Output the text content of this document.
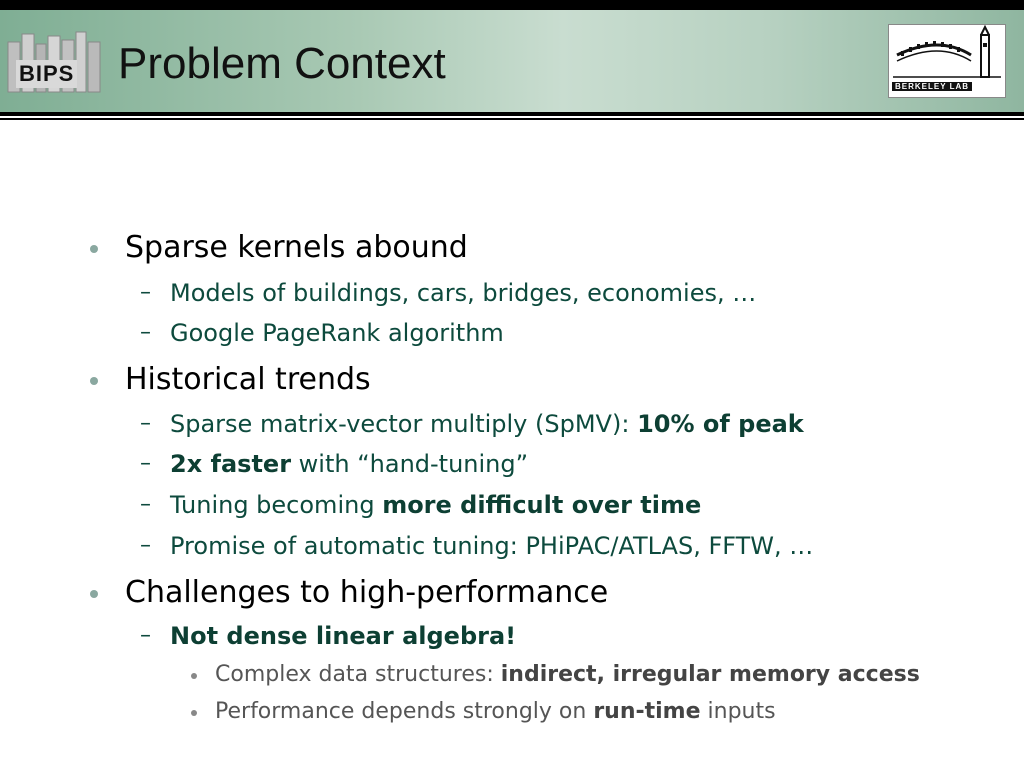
BIPS Problem Context	BERKELEY LAB
Sparse kernels abound
– Models of buildings, cars, bridges, economies, …
– Google PageRank algorithm
Historical trends
– Sparse matrix-vector multiply (SpMV): 10% of peak
– 2x faster with “hand-tuning”
– Tuning becoming more difficult over time
– Promise of automatic tuning: PHiPAC/ATLAS, FFTW, …
Challenges to high-performance
– Not dense linear algebra!
Complex data structures: indirect, irregular memory access
Performance depends strongly on run-time inputs
